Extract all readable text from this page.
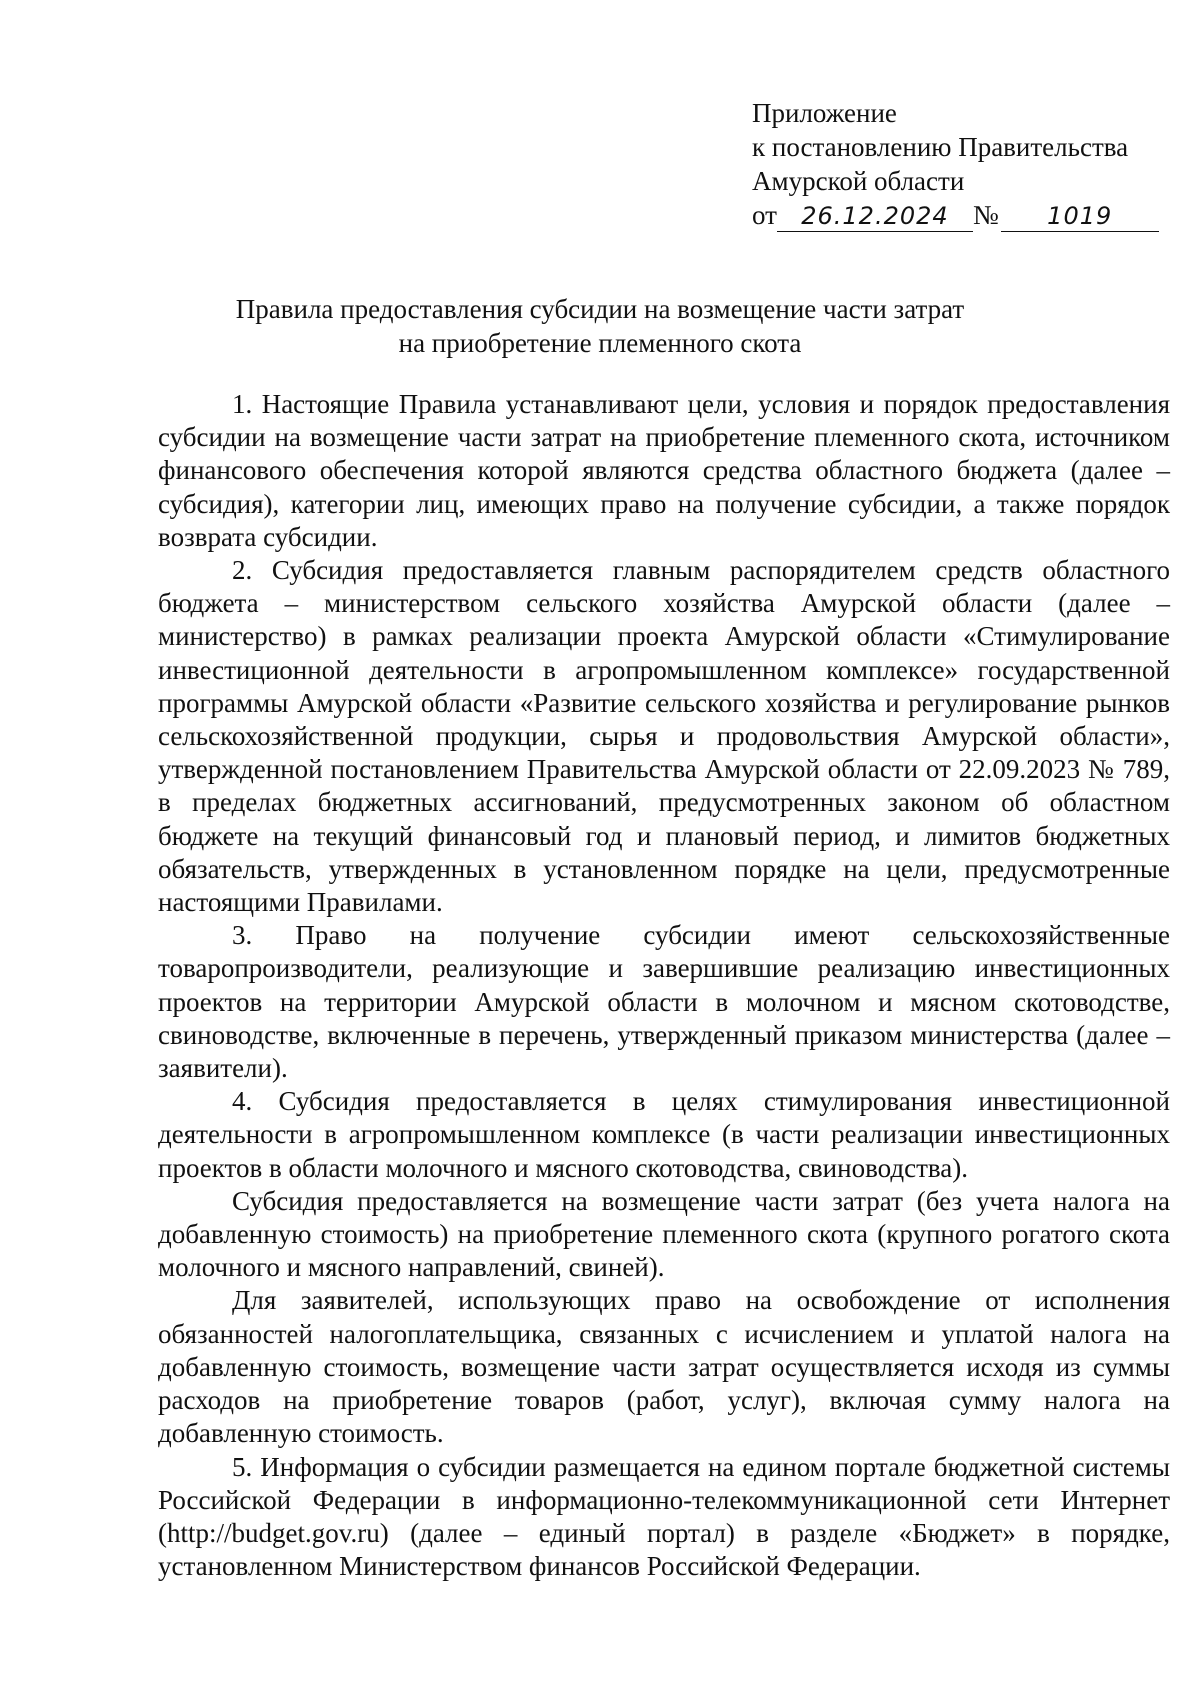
Приложение
к постановлению Правительства
Амурской области
от	26.12.2024 №	1019
Правила предоставления субсидии на возмещение части затрат
на приобретение племенного скота

1. Настоящие Правила устанавливают цели, условия и порядок предоставления субсидии на возмещение части затрат на приобретение племенного скота, источником финансового обеспечения которой являются средства областного бюджета (далее – субсидия), категории лиц, имеющих право на получение субсидии, а также порядок возврата субсидии.

2. Субсидия предоставляется главным распорядителем средств областного бюджета – министерством сельского хозяйства Амурской области (далее – министерство) в рамках реализации проекта Амурской области «Стимулирование инвестиционной деятельности в агропромышленном комплексе» государственной программы Амурской области «Развитие сельского хозяйства и регулирование рынков сельскохозяйственной продукции, сырья и продовольствия Амурской области», утвержденной постановлением Правительства Амурской области от 22.09.2023 № 789, в пределах бюджетных ассигнований, предусмотренных законом об областном бюджете на текущий финансовый год и плановый период, и лимитов бюджетных обязательств, утвержденных в установленном порядке на цели, предусмотренные настоящими Правилами.

3. Право на получение субсидии имеют сельскохозяйственные товаропроизводители, реализующие и завершившие реализацию инвестиционных проектов на территории Амурской области в молочном и мясном скотоводстве, свиноводстве, включенные в перечень, утвержденный приказом министерства (далее – заявители).

4. Субсидия предоставляется в целях стимулирования инвестиционной деятельности в агропромышленном комплексе (в части реализации инвестиционных проектов в области молочного и мясного скотоводства, свиноводства).

Субсидия предоставляется на возмещение части затрат (без учета налога на добавленную стоимость) на приобретение племенного скота (крупного рогатого скота молочного и мясного направлений, свиней).

Для заявителей, использующих право на освобождение от исполнения обязанностей налогоплательщика, связанных с исчислением и уплатой налога на добавленную стоимость, возмещение части затрат осуществляется исходя из суммы расходов на приобретение товаров (работ, услуг), включая сумму налога на добавленную стоимость.

5. Информация о субсидии размещается на едином портале бюджетной системы Российской Федерации в информационно-телекоммуникационной сети Интернет (http://budget.gov.ru) (далее – единый портал) в разделе «Бюджет» в порядке, установленном Министерством финансов Российской Федерации.
